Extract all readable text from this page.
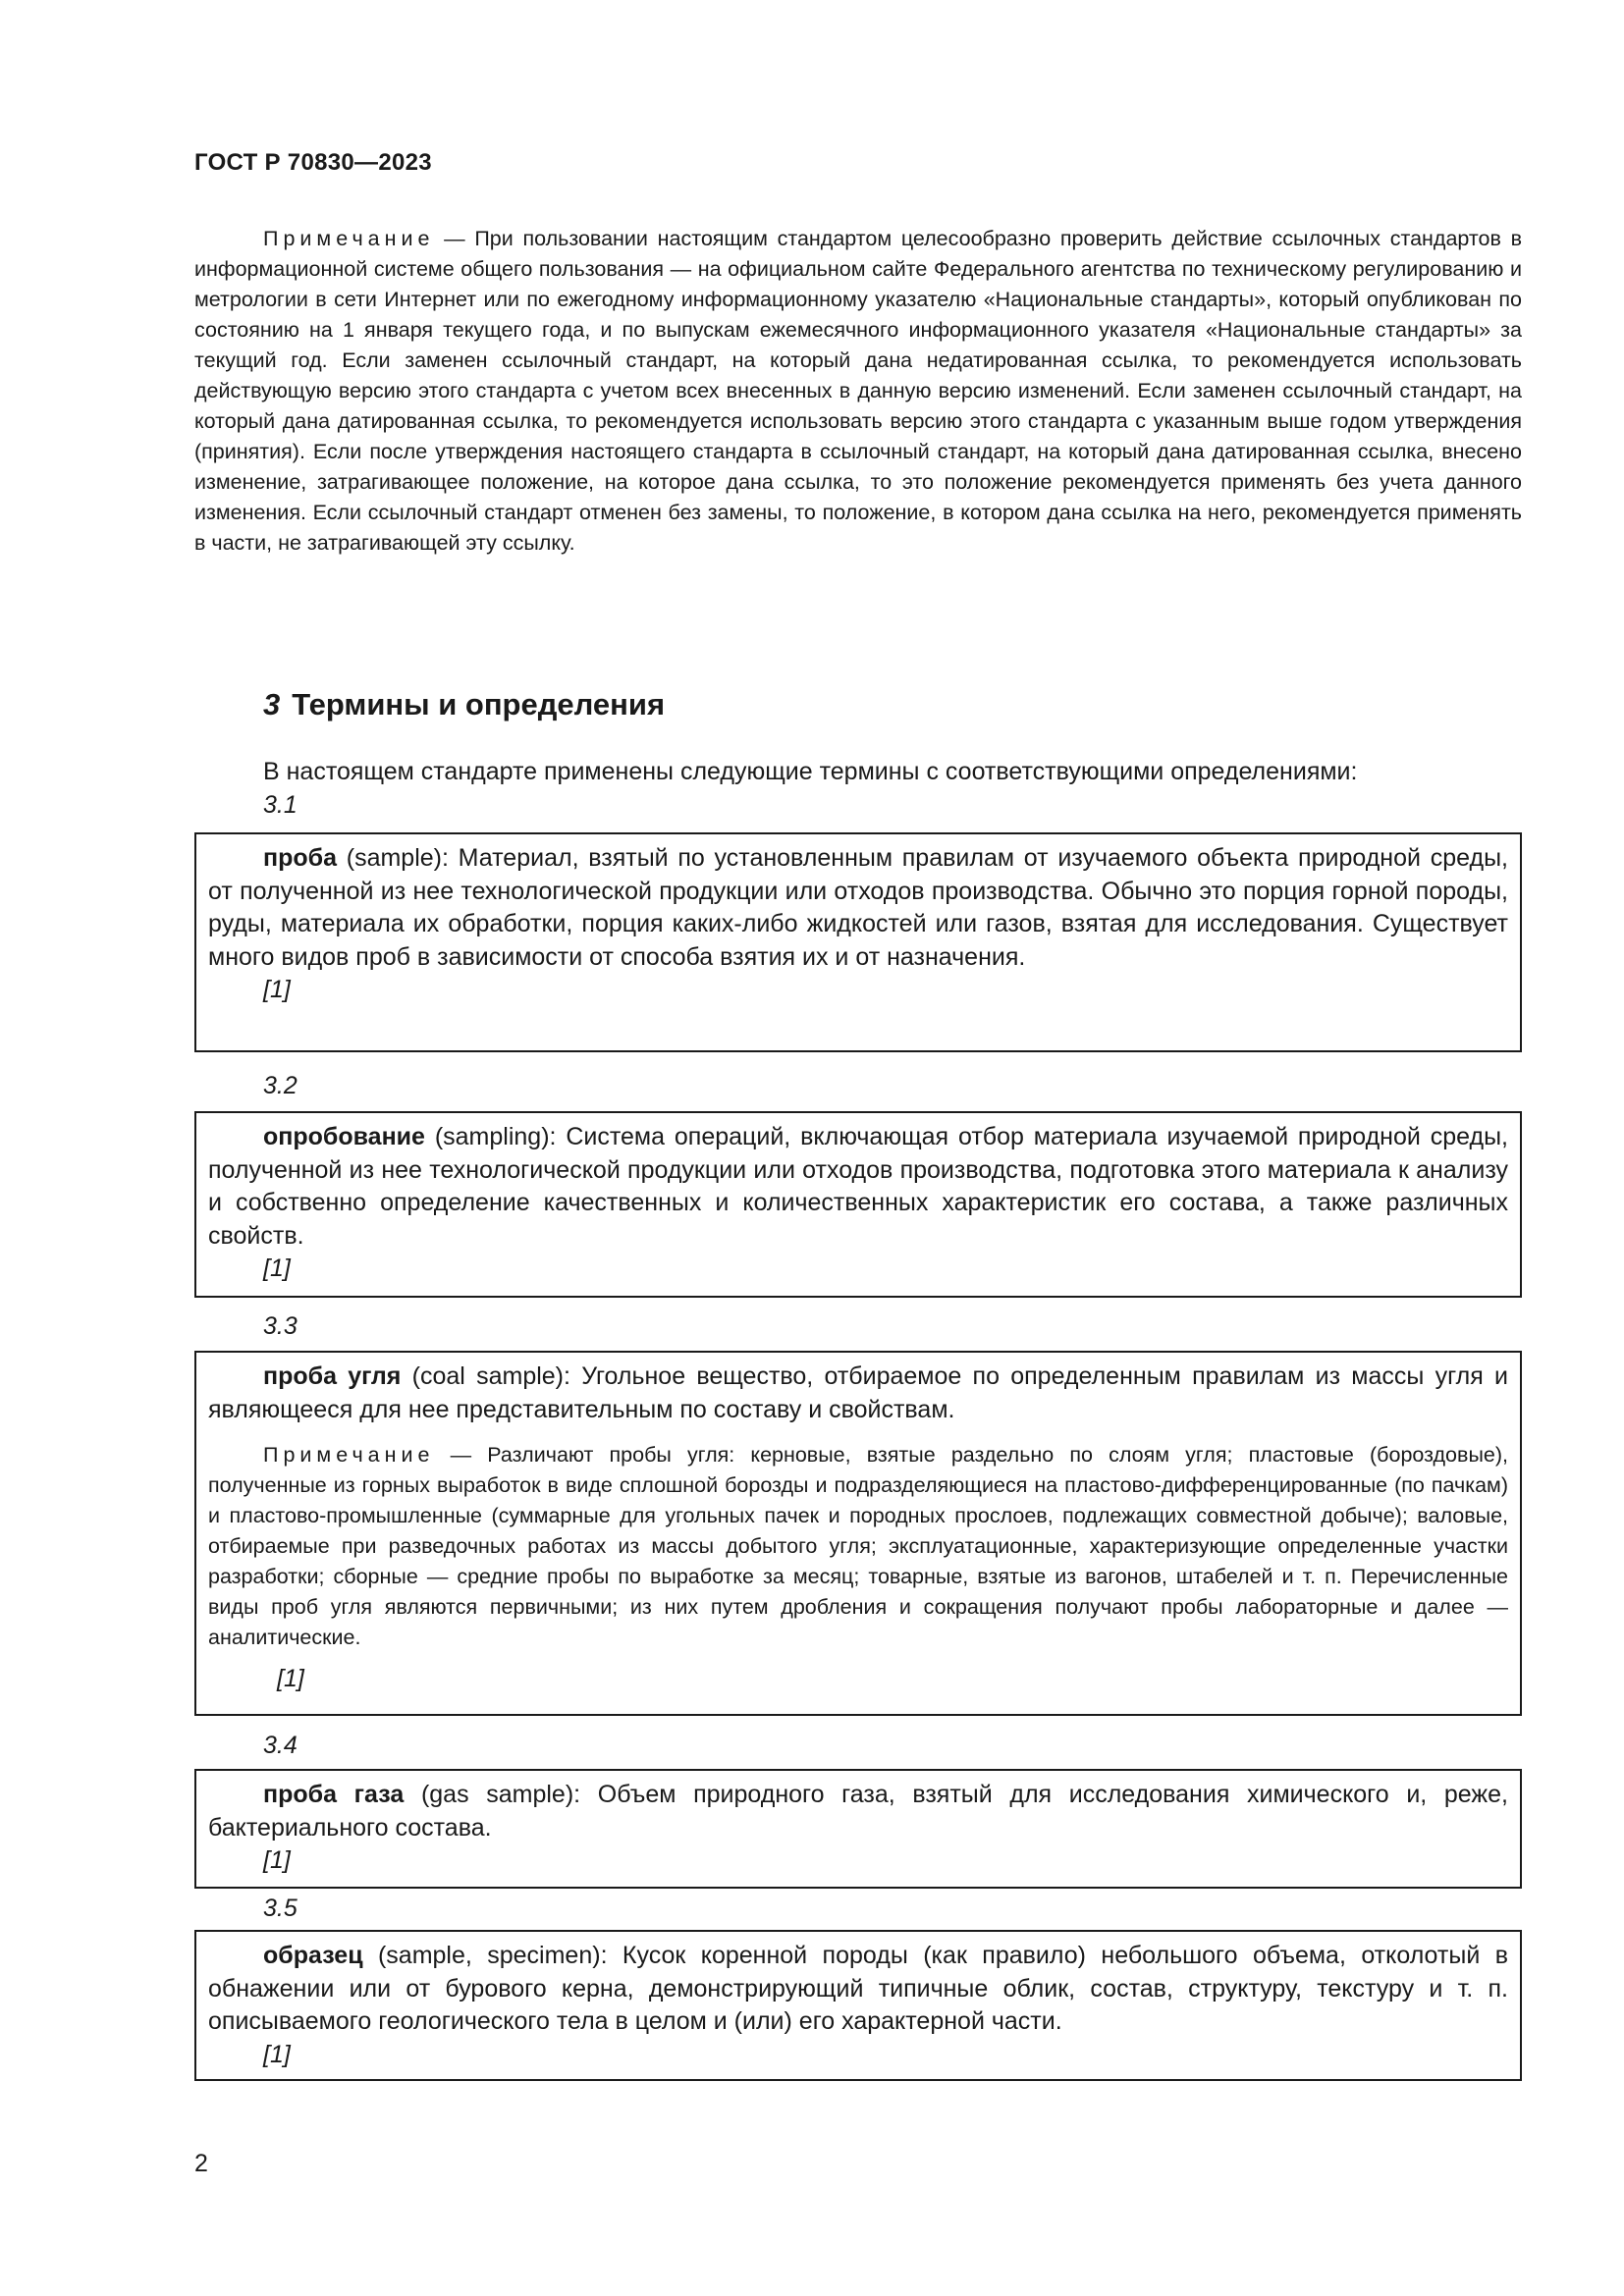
ГОСТ Р 70830—2023
Примечание — При пользовании настоящим стандартом целесообразно проверить действие ссылочных стандартов в информационной системе общего пользования — на официальном сайте Федерального агентства по техническому регулированию и метрологии в сети Интернет или по ежегодному информационному указателю «Национальные стандарты», который опубликован по состоянию на 1 января текущего года, и по выпускам ежемесячного информационного указателя «Национальные стандарты» за текущий год. Если заменен ссылочный стандарт, на который дана недатированная ссылка, то рекомендуется использовать действующую версию этого стандарта с учетом всех внесенных в данную версию изменений. Если заменен ссылочный стандарт, на который дана датированная ссылка, то рекомендуется использовать версию этого стандарта с указанным выше годом утверждения (принятия). Если после утверждения настоящего стандарта в ссылочный стандарт, на который дана датированная ссылка, внесено изменение, затрагивающее положение, на которое дана ссылка, то это положение рекомендуется применять без учета данного изменения. Если ссылочный стандарт отменен без замены, то положение, в котором дана ссылка на него, рекомендуется применять в части, не затрагивающей эту ссылку.
3 Термины и определения
В настоящем стандарте применены следующие термины с соответствующими определениями:
3.1
проба (sample): Материал, взятый по установленным правилам от изучаемого объекта природной среды, от полученной из нее технологической продукции или отходов производства. Обычно это порция горной породы, руды, материала их обработки, порция каких-либо жидкостей или газов, взятая для исследования. Существует много видов проб в зависимости от способа взятия их и от назначения.
[1]
3.2
опробование (sampling): Система операций, включающая отбор материала изучаемой природной среды, полученной из нее технологической продукции или отходов производства, подготовка этого материала к анализу и собственно определение качественных и количественных характеристик его состава, а также различных свойств.
[1]
3.3
проба угля (coal sample): Угольное вещество, отбираемое по определенным правилам из массы угля и являющееся для нее представительным по составу и свойствам.
Примечание — Различают пробы угля: керновые, взятые раздельно по слоям угля; пластовые (бороздовые), полученные из горных выработок в виде сплошной борозды и подразделяющиеся на пластово-дифференцированные (по пачкам) и пластово-промышленные (суммарные для угольных пачек и породных прослоев, подлежащих совместной добыче); валовые, отбираемые при разведочных работах из массы добытого угля; эксплуатационные, характеризующие определенные участки разработки; сборные — средние пробы по выработке за месяц; товарные, взятые из вагонов, штабелей и т. п. Перечисленные виды проб угля являются первичными; из них путем дробления и сокращения получают пробы лабораторные и далее — аналитические.
[1]
3.4
проба газа (gas sample): Объем природного газа, взятый для исследования химического и, реже, бактериального состава.
[1]
3.5
образец (sample, specimen): Кусок коренной породы (как правило) небольшого объема, отколотый в обнажении или от бурового керна, демонстрирующий типичные облик, состав, структуру, текстуру и т. п. описываемого геологического тела в целом и (или) его характерной части.
[1]
2
